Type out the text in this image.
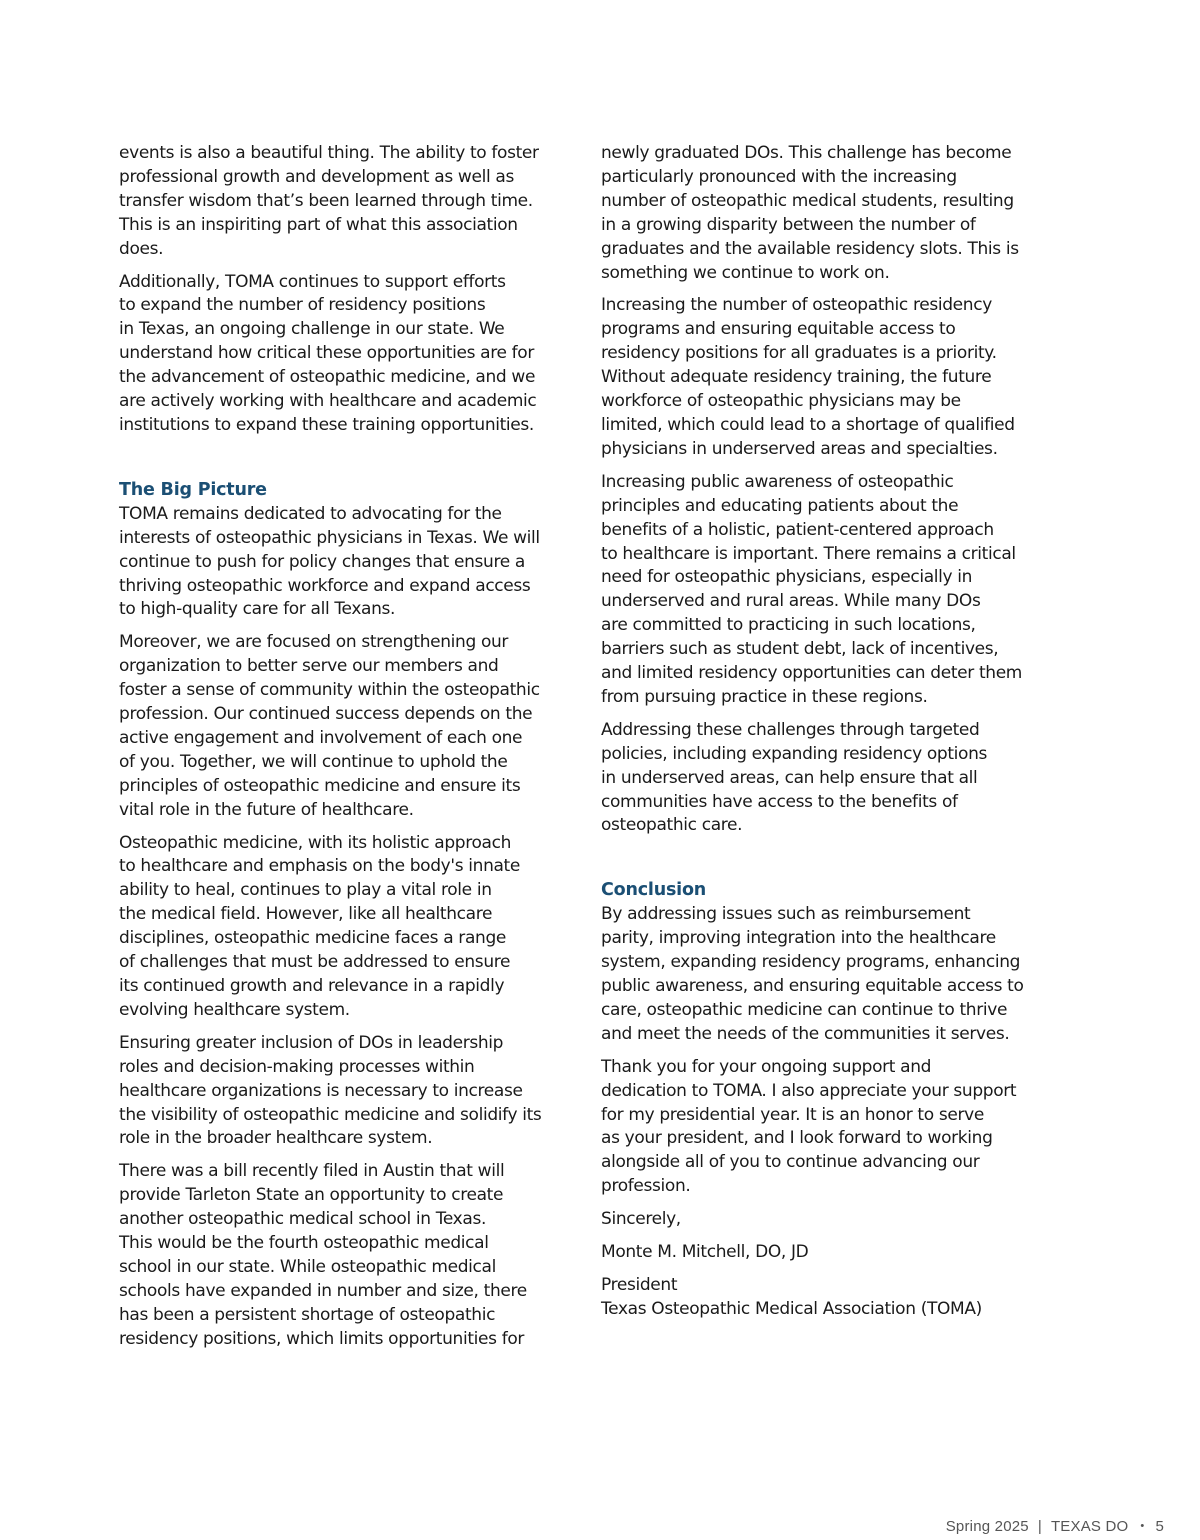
events is also a beautiful thing. The ability to foster
professional growth and development as well as
transfer wisdom that’s been learned through time.
This is an inspiriting part of what this association
does.

Additionally, TOMA continues to support efforts
to expand the number of residency positions
in Texas, an ongoing challenge in our state. We
understand how critical these opportunities are for
the advancement of osteopathic medicine, and we
are actively working with healthcare and academic
institutions to expand these training opportunities.

The Big Picture

TOMA remains dedicated to advocating for the
interests of osteopathic physicians in Texas. We will
continue to push for policy changes that ensure a
thriving osteopathic workforce and expand access
to high-quality care for all Texans.

Moreover, we are focused on strengthening our
organization to better serve our members and
foster a sense of community within the osteopathic
profession. Our continued success depends on the
active engagement and involvement of each one
of you. Together, we will continue to uphold the
principles of osteopathic medicine and ensure its
vital role in the future of healthcare.

Osteopathic medicine, with its holistic approach
to healthcare and emphasis on the body's innate
ability to heal, continues to play a vital role in
the medical field. However, like all healthcare
disciplines, osteopathic medicine faces a range
of challenges that must be addressed to ensure
its continued growth and relevance in a rapidly
evolving healthcare system.

Ensuring greater inclusion of DOs in leadership
roles and decision-making processes within
healthcare organizations is necessary to increase
the visibility of osteopathic medicine and solidify its
role in the broader healthcare system.

There was a bill recently filed in Austin that will
provide Tarleton State an opportunity to create
another osteopathic medical school in Texas.
This would be the fourth osteopathic medical
school in our state. While osteopathic medical
schools have expanded in number and size, there
has been a persistent shortage of osteopathic
residency positions, which limits opportunities for

newly graduated DOs. This challenge has become
particularly pronounced with the increasing
number of osteopathic medical students, resulting
in a growing disparity between the number of
graduates and the available residency slots. This is
something we continue to work on.

Increasing the number of osteopathic residency
programs and ensuring equitable access to
residency positions for all graduates is a priority.
Without adequate residency training, the future
workforce of osteopathic physicians may be
limited, which could lead to a shortage of qualified
physicians in underserved areas and specialties.

Increasing public awareness of osteopathic
principles and educating patients about the
benefits of a holistic, patient-centered approach
to healthcare is important. There remains a critical
need for osteopathic physicians, especially in
underserved and rural areas. While many DOs
are committed to practicing in such locations,
barriers such as student debt, lack of incentives,
and limited residency opportunities can deter them
from pursuing practice in these regions.

Addressing these challenges through targeted
policies, including expanding residency options
in underserved areas, can help ensure that all
communities have access to the benefits of
osteopathic care.

Conclusion

By addressing issues such as reimbursement
parity, improving integration into the healthcare
system, expanding residency programs, enhancing
public awareness, and ensuring equitable access to
care, osteopathic medicine can continue to thrive
and meet the needs of the communities it serves.

Thank you for your ongoing support and
dedication to TOMA. I also appreciate your support
for my presidential year. It is an honor to serve
as your president, and I look forward to working
alongside all of you to continue advancing our
profession.

Sincerely,

Monte M. Mitchell, DO, JD

President
Texas Osteopathic Medical Association (TOMA)

Spring 2025 | TEXAS DO • 5
